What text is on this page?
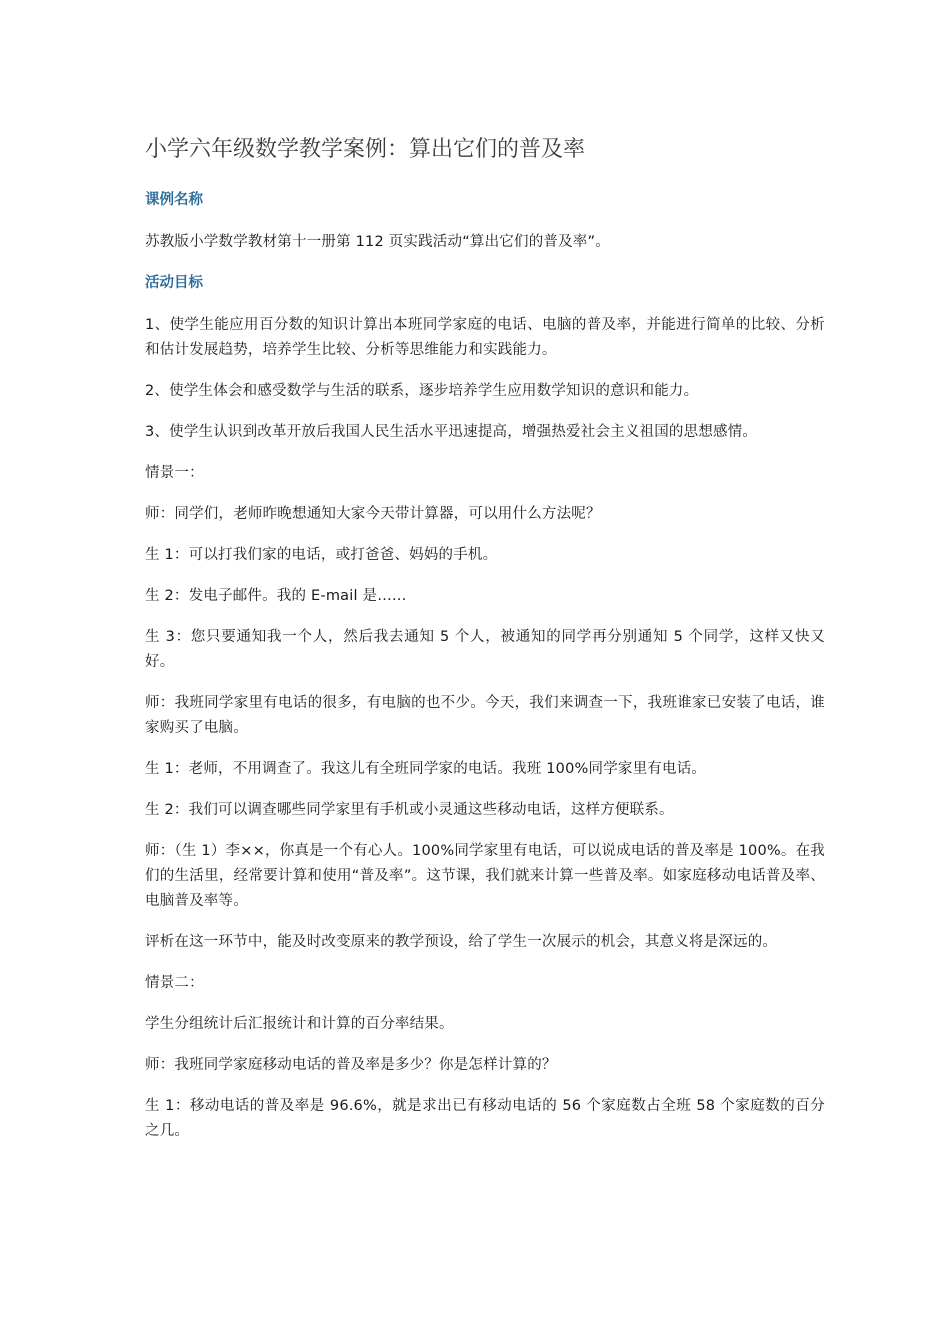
小学六年级数学教学案例：算出它们的普及率
课例名称

苏教版小学数学教材第十一册第 112 页实践活动“算出它们的普及率”。

活动目标

1、使学生能应用百分数的知识计算出本班同学家庭的电话、电脑的普及率，并能进行简单的比较、分析和估计发展趋势，培养学生比较、分析等思维能力和实践能力。

2、使学生体会和感受数学与生活的联系，逐步培养学生应用数学知识的意识和能力。

3、使学生认识到改革开放后我国人民生活水平迅速提高，增强热爱社会主义祖国的思想感情。

情景一：

师：同学们，老师昨晚想通知大家今天带计算器，可以用什么方法呢？

生 1：可以打我们家的电话，或打爸爸、妈妈的手机。

生 2：发电子邮件。我的 E-mail 是……

生 3：您只要通知我一个人，然后我去通知 5 个人，被通知的同学再分别通知 5 个同学，这样又快又好。

师：我班同学家里有电话的很多，有电脑的也不少。今天，我们来调查一下，我班谁家已安装了电话，谁家购买了电脑。

生 1：老师，不用调查了。我这儿有全班同学家的电话。我班 100%同学家里有电话。

生 2：我们可以调查哪些同学家里有手机或小灵通这些移动电话，这样方便联系。

师：（生 1）李××，你真是一个有心人。100%同学家里有电话，可以说成电话的普及率是 100%。在我们的生活里，经常要计算和使用“普及率”。这节课，我们就来计算一些普及率。如家庭移动电话普及率、电脑普及率等。

评析在这一环节中，能及时改变原来的教学预设，给了学生一次展示的机会，其意义将是深远的。

情景二：

学生分组统计后汇报统计和计算的百分率结果。

师：我班同学家庭移动电话的普及率是多少？你是怎样计算的？

生 1：移动电话的普及率是 96.6%，就是求出已有移动电话的 56 个家庭数占全班 58 个家庭数的百分之几。
